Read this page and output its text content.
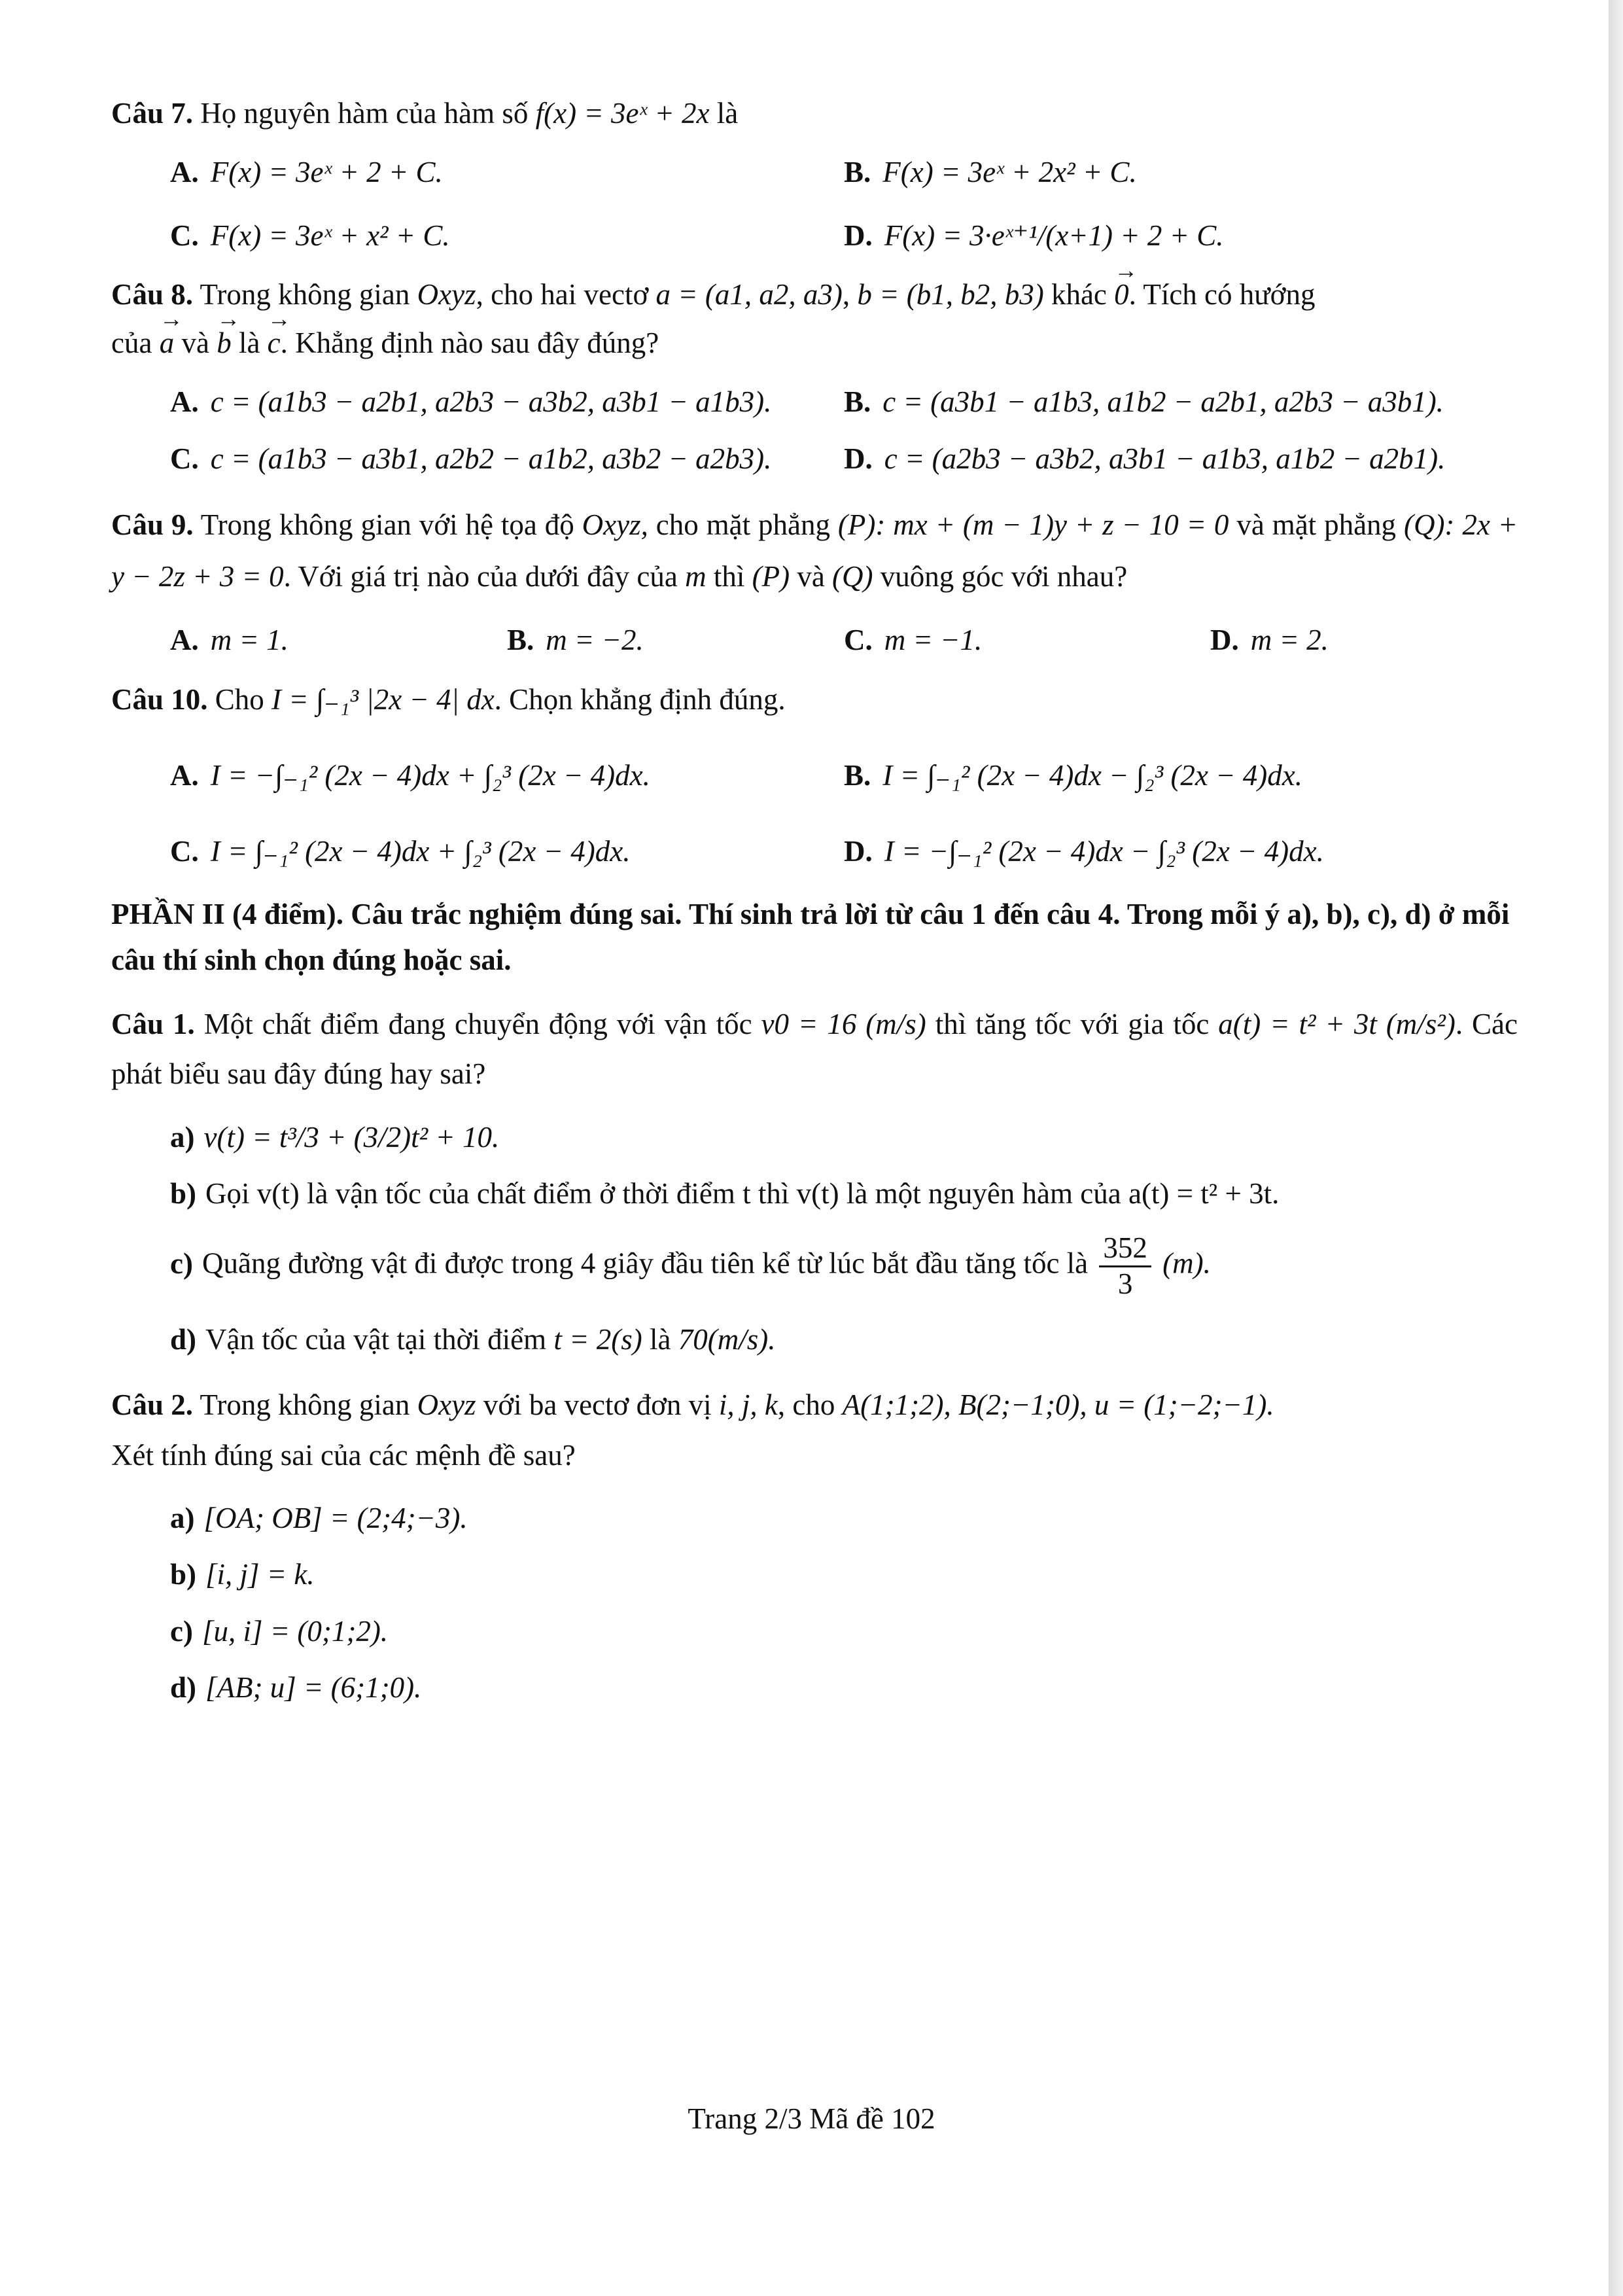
Câu 7. Họ nguyên hàm của hàm số f(x) = 3eˣ + 2x là
A. F(x) = 3eˣ + 2 + C.	B. F(x) = 3eˣ + 2x² + C.
C. F(x) = 3eˣ + x² + C.	D. F(x) = 3·eˣ⁺¹/(x+1) + 2 + C.
Câu 8. Trong không gian Oxyz, cho hai vectơ a = (a1, a2, a3), b = (b1, b2, b3) khác 0 →. Tích có hướng
của a → và b → là c →. Khẳng định nào sau đây đúng?
A. c = (a1b3 − a2b1, a2b3 − a3b2, a3b1 − a1b3).	B. c = (a3b1 − a1b3, a1b2 − a2b1, a2b3 − a3b1).
C. c = (a1b3 − a3b1, a2b2 − a1b2, a3b2 − a2b3).	D. c = (a2b3 − a3b2, a3b1 − a1b3, a1b2 − a2b1).
Câu 9. Trong không gian với hệ tọa độ Oxyz, cho mặt phẳng (P): mx + (m − 1)y + z − 10 = 0 và mặt phẳng (Q): 2x + y − 2z + 3 = 0. Với giá trị nào của dưới đây của m thì (P) và (Q) vuông góc với nhau?
A. m = 1.	B. m = −2.	C. m = −1.	D. m = 2.
Câu 10. Cho I = ∫₋₁³ |2x − 4| dx. Chọn khẳng định đúng.
A. I = −∫₋₁² (2x − 4)dx + ∫₂³ (2x − 4)dx.	B. I = ∫₋₁² (2x − 4)dx − ∫₂³ (2x − 4)dx.
C. I = ∫₋₁² (2x − 4)dx + ∫₂³ (2x − 4)dx.	D. I = −∫₋₁² (2x − 4)dx − ∫₂³ (2x − 4)dx.
PHẦN II (4 điểm). Câu trắc nghiệm đúng sai. Thí sinh trả lời từ câu 1 đến câu 4. Trong mỗi ý a), b), c), d) ở mỗi câu thí sinh chọn đúng hoặc sai.
Câu 1. Một chất điểm đang chuyển động với vận tốc v0 = 16 (m/s) thì tăng tốc với gia tốc a(t) = t² + 3t (m/s²). Các phát biểu sau đây đúng hay sai?
a) v(t) = t³/3 + (3/2)t² + 10.
b) Gọi v(t) là vận tốc của chất điểm ở thời điểm t thì v(t) là một nguyên hàm của a(t) = t² + 3t.
c) Quãng đường vật đi được trong 4 giây đầu tiên kể từ lúc bắt đầu tăng tốc là $\frac{352}{3} (m)$.
d) Vận tốc của vật tại thời điểm t = 2(s) là 70(m/s).
Câu 2. Trong không gian Oxyz với ba vectơ đơn vị i, j, k, cho A(1;1;2), B(2;−1;0), u = (1;−2;−1).
Xét tính đúng sai của các mệnh đề sau?
a) [OA; OB] = (2;4;−3).
b) [i, j] = k.
c) [u, i] = (0;1;2).
d) [AB; u] = (6;1;0).
Trang 2/3 Mã đề 102
